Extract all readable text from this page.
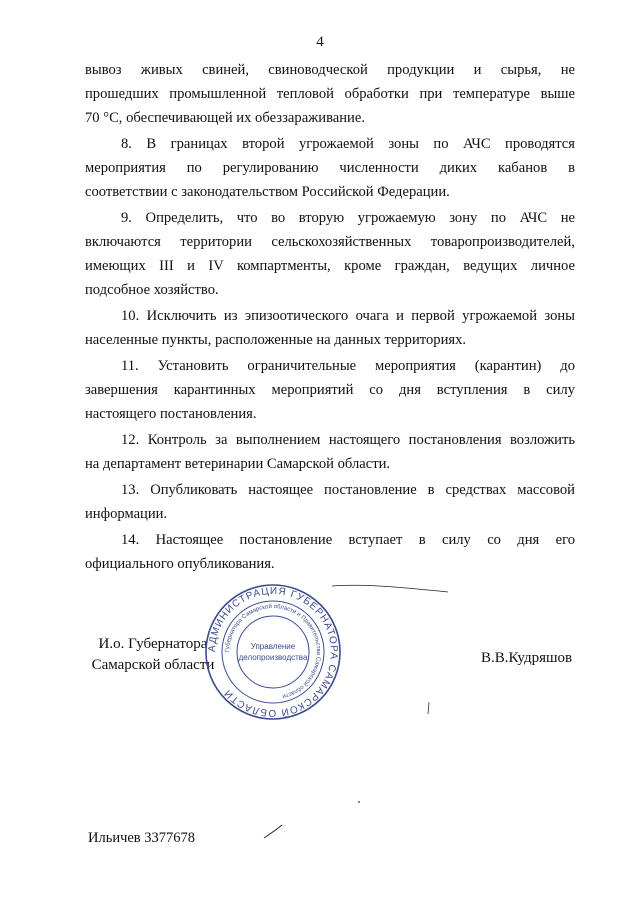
4
вывоз живых свиней, свиноводческой продукции и сырья, не
прошедших промышленной тепловой обработки при температуре выше
70 °С, обеспечивающей их обеззараживание.
8. В границах второй угрожаемой зоны по АЧС проводятся
мероприятия по регулированию численности диких кабанов в
соответствии с законодательством Российской Федерации.
9. Определить, что во вторую угрожаемую зону по АЧС не
включаются территории сельскохозяйственных товаропроизводителей,
имеющих III и IV компартменты, кроме граждан, ведущих личное
подсобное хозяйство.
10. Исключить из эпизоотического очага и первой угрожаемой зоны
населенные пункты, расположенные на данных территориях.
11. Установить ограничительные мероприятия (карантин) до
завершения карантинных мероприятий со дня вступления в силу
настоящего постановления.
12. Контроль за выполнением настоящего постановления возложить
на департамент ветеринарии Самарской области.
13. Опубликовать настоящее постановление в средствах массовой
информации.
14. Настоящее постановление вступает в силу со дня его
официального опубликования.
И.о. Губернатора
Самарской области
АДМИНИСТРАЦИЯ ГУБЕРНАТОРА САМАРСКОЙ ОБЛАСТИ
Губернатора Самарской области и Правительства Самарской области
Управление
делопроизводства	В.В.Кудряшов
Ильичев 3377678
